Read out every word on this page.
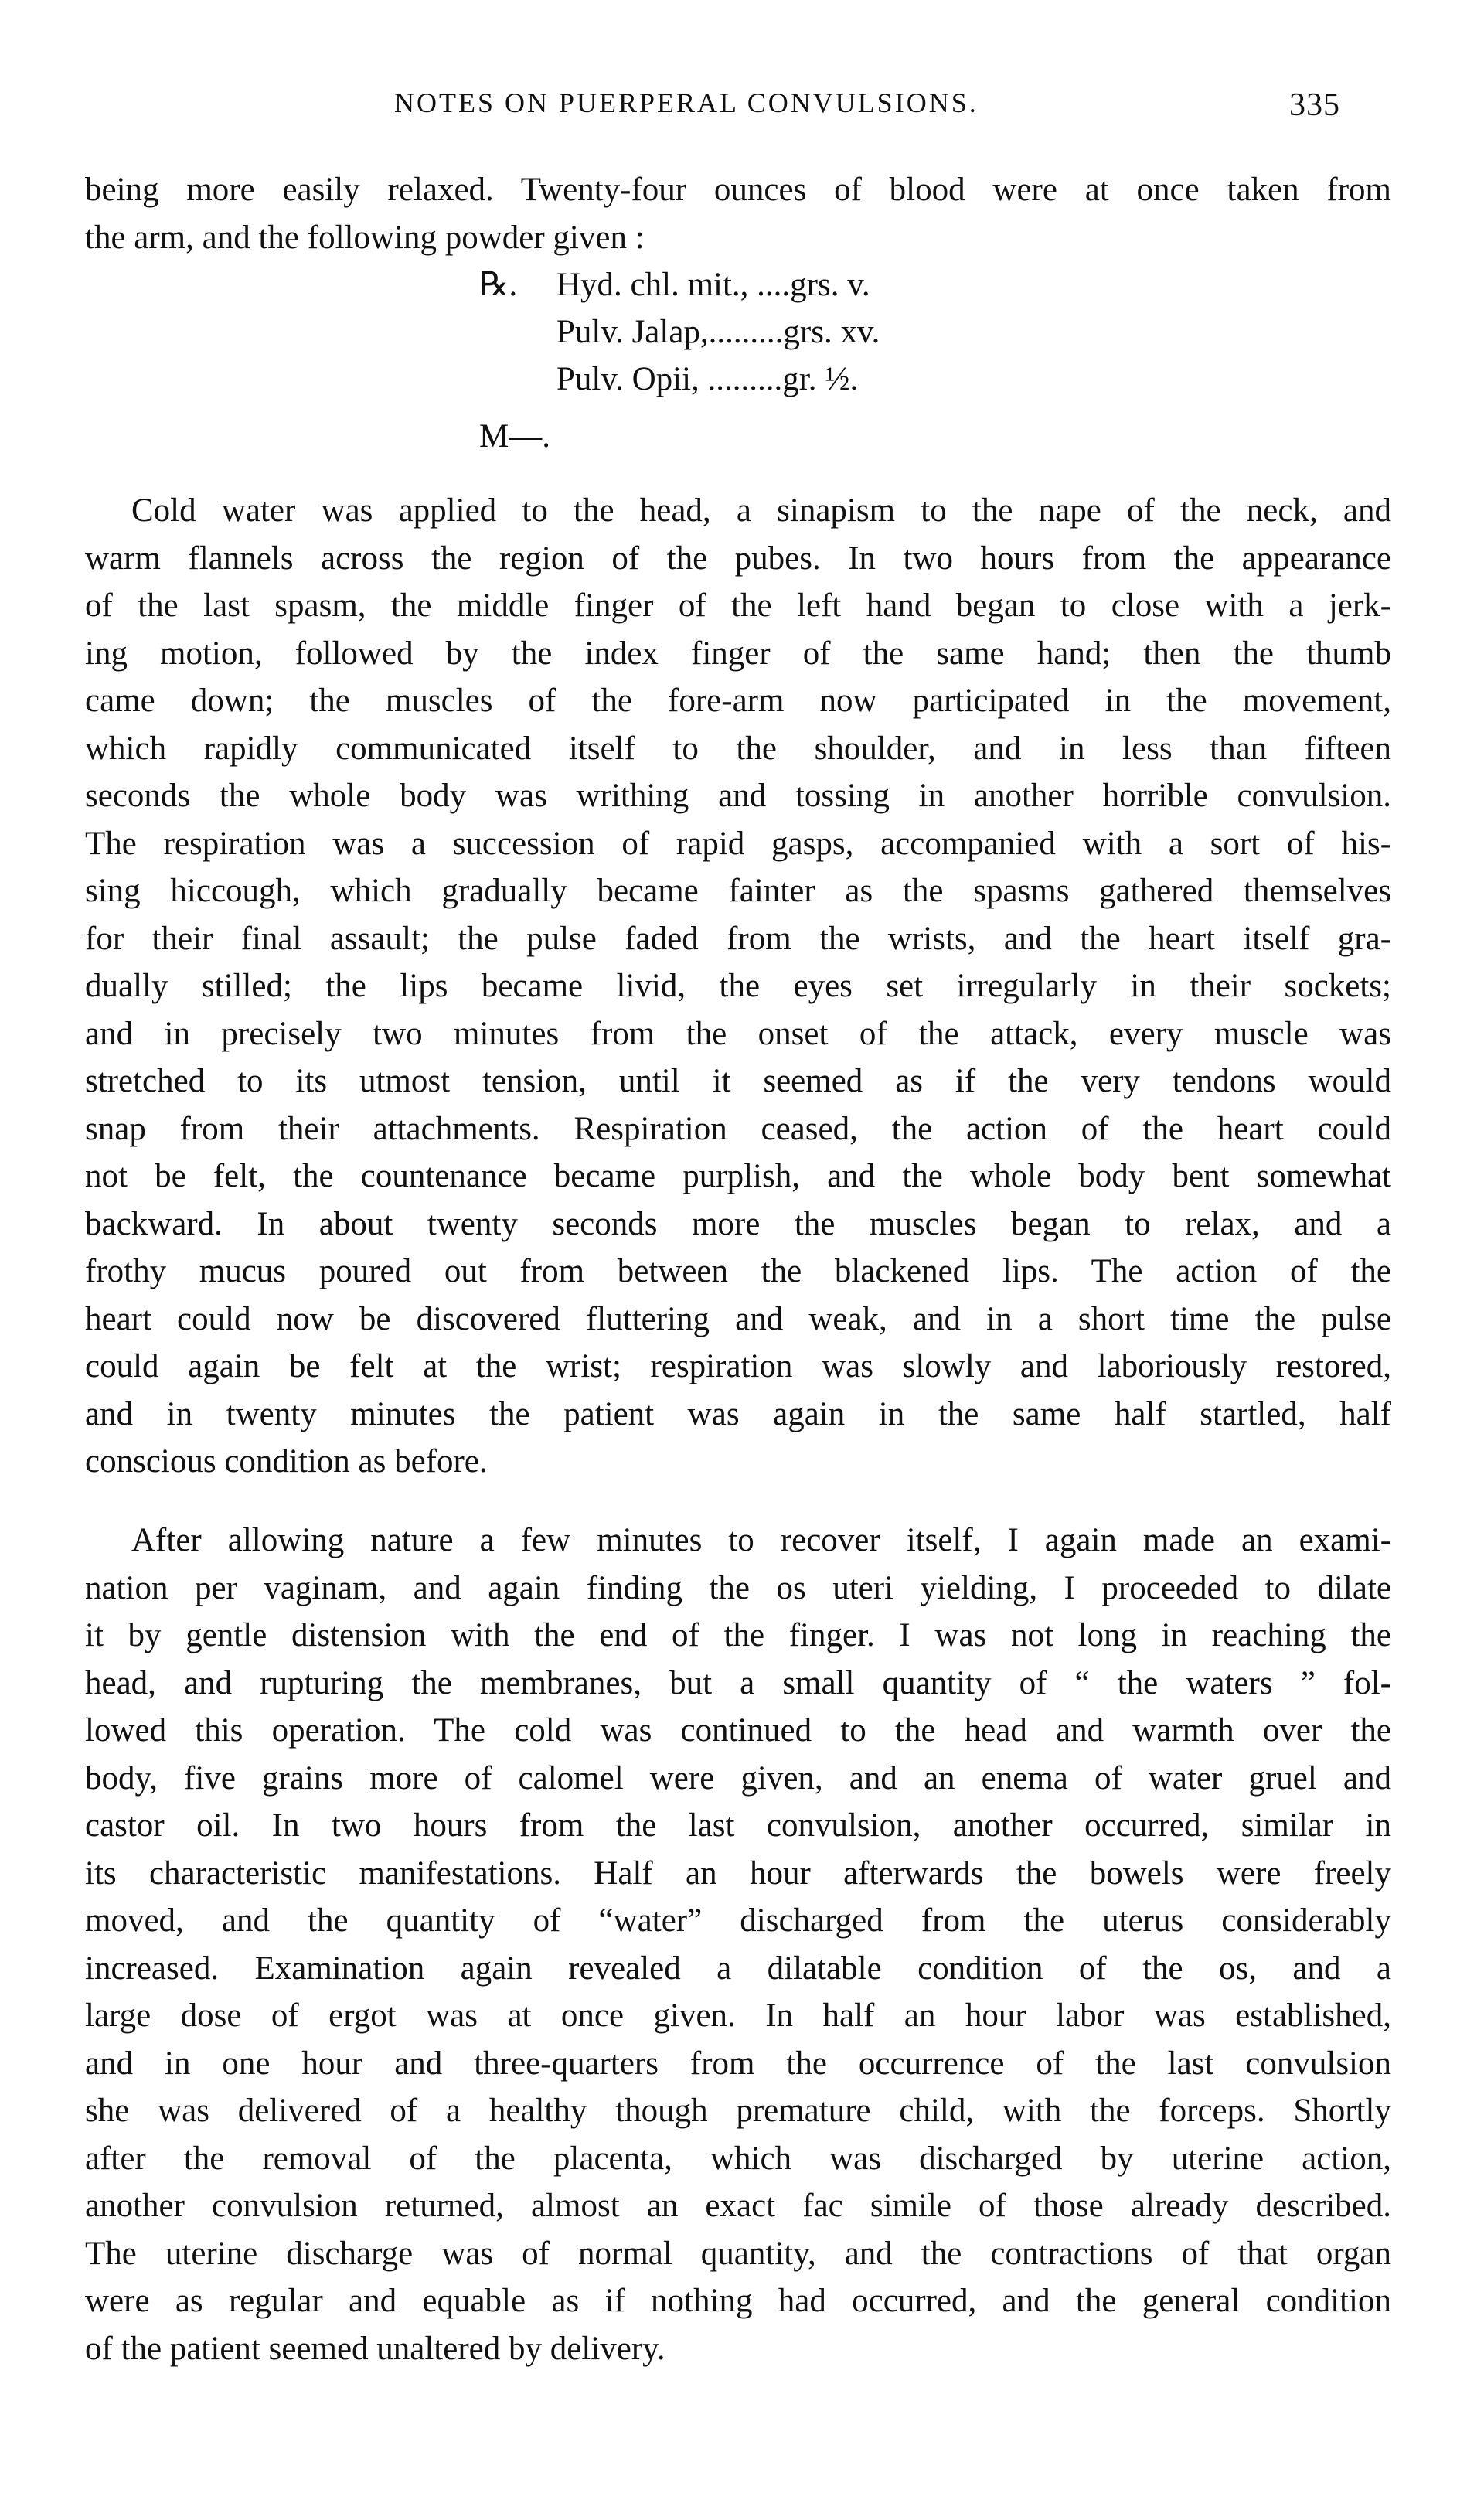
NOTES ON PUERPERAL CONVULSIONS.	335
being more easily relaxed. Twenty-four ounces of blood were at once taken from
the arm, and the following powder given :
℞. Hyd. chl. mit., ....grs. v.
Pulv. Jalap,.........grs. xv.
Pulv. Opii, .........gr. ½.
M—.
Cold water was applied to the head, a sinapism to the nape of the neck, and
warm flannels across the region of the pubes. In two hours from the appearance
of the last spasm, the middle finger of the left hand began to close with a jerk-
ing motion, followed by the index finger of the same hand; then the thumb
came down; the muscles of the fore-arm now participated in the movement,
which rapidly communicated itself to the shoulder, and in less than fifteen
seconds the whole body was writhing and tossing in another horrible convulsion.
The respiration was a succession of rapid gasps, accompanied with a sort of his-
sing hiccough, which gradually became fainter as the spasms gathered themselves
for their final assault; the pulse faded from the wrists, and the heart itself gra-
dually stilled; the lips became livid, the eyes set irregularly in their sockets;
and in precisely two minutes from the onset of the attack, every muscle was
stretched to its utmost tension, until it seemed as if the very tendons would
snap from their attachments. Respiration ceased, the action of the heart could
not be felt, the countenance became purplish, and the whole body bent somewhat
backward. In about twenty seconds more the muscles began to relax, and a
frothy mucus poured out from between the blackened lips. The action of the
heart could now be discovered fluttering and weak, and in a short time the pulse
could again be felt at the wrist; respiration was slowly and laboriously restored,
and in twenty minutes the patient was again in the same half startled, half
conscious condition as before.
After allowing nature a few minutes to recover itself, I again made an exami-
nation per vaginam, and again finding the os uteri yielding, I proceeded to dilate
it by gentle distension with the end of the finger. I was not long in reaching the
head, and rupturing the membranes, but a small quantity of “ the waters ” fol-
lowed this operation. The cold was continued to the head and warmth over the
body, five grains more of calomel were given, and an enema of water gruel and
castor oil. In two hours from the last convulsion, another occurred, similar in
its characteristic manifestations. Half an hour afterwards the bowels were freely
moved, and the quantity of “water” discharged from the uterus considerably
increased. Examination again revealed a dilatable condition of the os, and a
large dose of ergot was at once given. In half an hour labor was established,
and in one hour and three-quarters from the occurrence of the last convulsion
she was delivered of a healthy though premature child, with the forceps. Shortly
after the removal of the placenta, which was discharged by uterine action,
another convulsion returned, almost an exact fac simile of those already described.
The uterine discharge was of normal quantity, and the contractions of that organ
were as regular and equable as if nothing had occurred, and the general condition
of the patient seemed unaltered by delivery.
